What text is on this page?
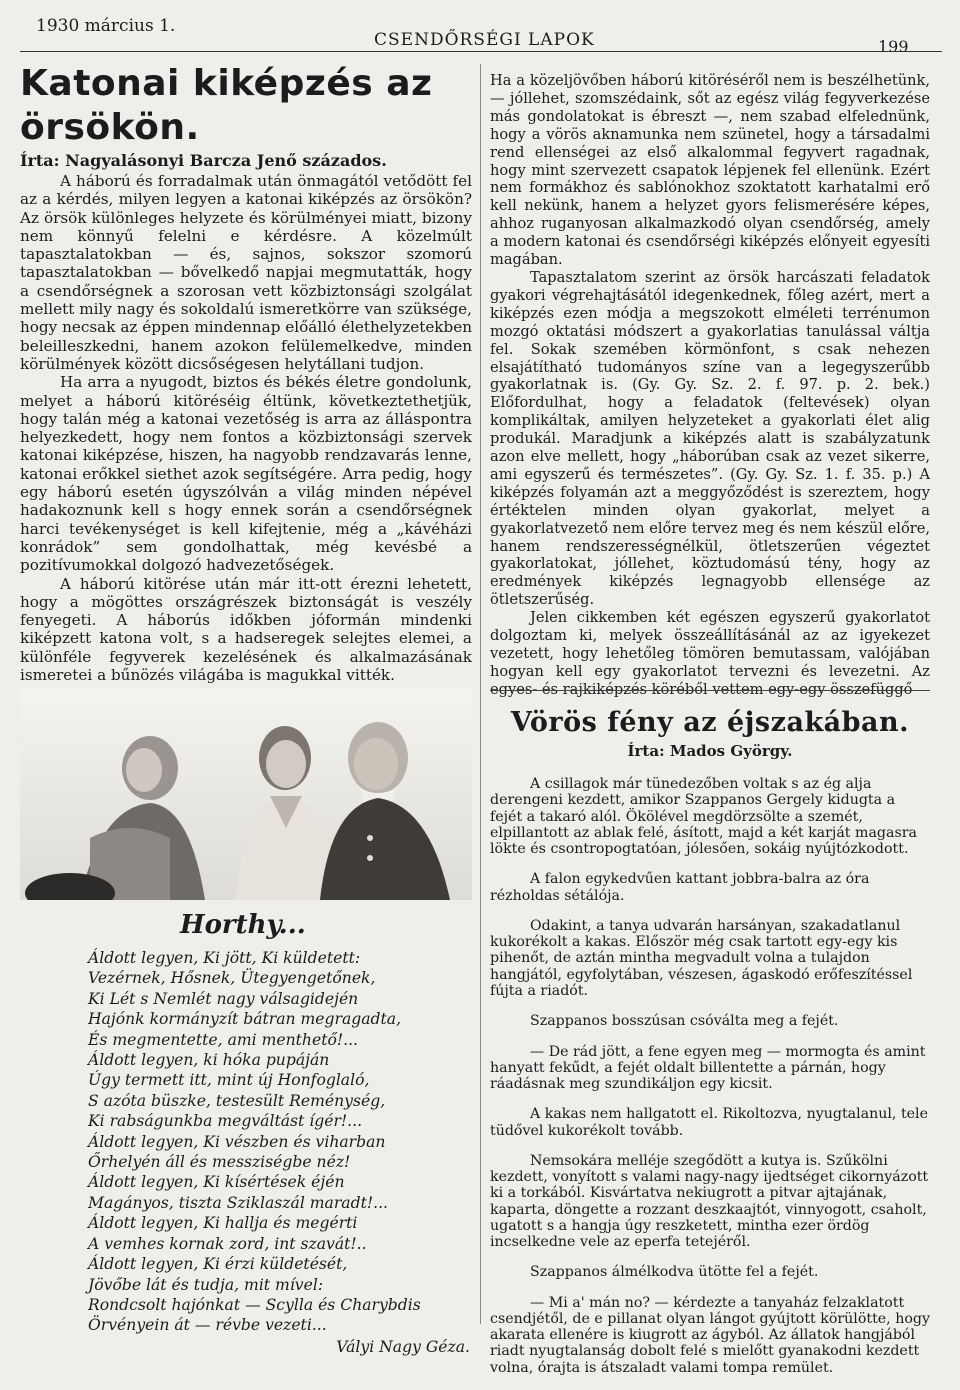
1930 március 1.
CSENDŐRSÉGI LAPOK	199
Katonai kiképzés az örsökön.

Írta: Nagyalásonyi Barcza Jenő százados.

A háború és forradalmak után önmagától vetődött fel az a kérdés, milyen legyen a katonai kiképzés az örsökön? Az örsök különleges helyzete és körülményei miatt, bizony nem könnyű felelni e kérdésre. A közelmúlt tapasztalatokban — és, sajnos, sokszor szomorú tapasztalatokban — bővelkedő napjai megmutatták, hogy a csendőrségnek a szorosan vett közbiztonsági szolgálat mellett mily nagy és sokoldalú ismeretkörre van szüksége, hogy necsak az éppen mindennap előálló élethelyzetekben beleilleszkedni, hanem azokon felülemelkedve, minden körülmények között dicsőségesen helytállani tudjon.

Ha arra a nyugodt, biztos és békés életre gondolunk, melyet a háború kitöréséig éltünk, következtethetjük, hogy talán még a katonai vezetőség is arra az álláspontra helyezkedett, hogy nem fontos a közbiztonsági szervek katonai kiképzése, hiszen, ha nagyobb rendzavarás lenne, katonai erőkkel siethet azok segítségére. Arra pedig, hogy egy háború esetén úgyszólván a világ minden népével hadakoznunk kell s hogy ennek során a csendőrségnek harci tevékenységet is kell kifejtenie, még a „kávéházi konrádok” sem gondolhattak, még kevésbé a pozitívumokkal dolgozó hadvezetőségek.

A háború kitörése után már itt-ott érezni lehetett, hogy a mögöttes országrészek biztonságát is veszély fenyegeti. A háborús időkben jóformán mindenki kiképzett katona volt, s a hadseregek selejtes elemei, a különféle fegyverek kezelésének és alkalmazásának ismeretei a bűnözés világába is magukkal vitték.

Ha a közeljövőben háború kitöréséről nem is beszélhetünk, — jóllehet, szomszédaink, sőt az egész világ fegyverkezése más gondolatokat is ébreszt —, nem szabad elfelednünk, hogy a vörös aknamunka nem szünetel, hogy a társadalmi rend ellenségei az első alkalommal fegyvert ragadnak, hogy mint szervezett csapatok lépjenek fel ellenünk. Ezért nem formákhoz és sablónokhoz szoktatott karhatalmi erő kell nekünk, hanem a helyzet gyors felismerésére képes, ahhoz ruganyosan alkalmazkodó olyan csendőrség, amely a modern katonai és csendőrségi kiképzés előnyeit egyesíti magában.

Tapasztalatom szerint az örsök harcászati feladatok gyakori végrehajtásától idegenkednek, főleg azért, mert a kiképzés ezen módja a megszokott elméleti terrénumon mozgó oktatási módszert a gyakorlatias tanulással váltja fel. Sokak szemében körmönfont, s csak nehezen elsajátítható tudományos színe van a legegyszerűbb gyakorlatnak is. (Gy. Gy. Sz. 2. f. 97. p. 2. bek.) Előfordulhat, hogy a feladatok (feltevések) olyan komplikáltak, amilyen helyzeteket a gyakorlati élet alig produkál. Maradjunk a kiképzés alatt is szabályzatunk azon elve mellett, hogy „háborúban csak az vezet sikerre, ami egyszerű és természetes”. (Gy. Gy. Sz. 1. f. 35. p.) A kiképzés folyamán azt a meggyőződést is szereztem, hogy értéktelen minden olyan gyakorlat, melyet a gyakorlatvezető nem előre tervez meg és nem készül előre, hanem rendszerességnélkül, ötletszerűen végeztet gyakorlatokat, jóllehet, köztudomású tény, hogy az eredmények kiképzés legnagyobb ellensége az ötletszerűség.

Jelen cikkemben két egészen egyszerű gyakorlatot dolgoztam ki, melyek összeállításánál az az igyekezet vezetett, hogy lehetőleg tömören bemutassam, valójában hogyan kell egy gyakorlatot tervezni és levezetni. Az egyes- és rajkiképzés köréből vettem egy-egy összefüggő

Horthy...
Áldott legyen, Ki jött, Ki küldetett:
Vezérnek, Hősnek, Ütegyengetőnek,
Ki Lét s Nemlét nagy válsagidején
Hajónk kormányzít bátran megragadta,
És megmentette, ami menthető!...
Áldott legyen, ki hóka pupáján
Úgy termett itt, mint új Honfoglaló,
S azóta büszke, testesült Reménység,
Ki rabságunkba megváltást ígér!...
Áldott legyen, Ki vészben és viharban
Őrhelyén áll és messziségbe néz!
Áldott legyen, Ki kísértések éjén
Magányos, tiszta Sziklaszál maradt!...
Áldott legyen, Ki hallja és megérti
A vemhes kornak zord, int szavát!..
Áldott legyen, Ki érzi küldetését,
Jövőbe lát és tudja, mit mível:
Rondcsolt hajónkat — Scylla és Charybdis
Örvényein át — révbe vezeti...
Vályi Nagy Géza.
Vörös fény az éjszakában.

Írta: Mados György.

A csillagok már tünedezőben voltak s az ég alja derengeni kezdett, amikor Szappanos Gergely kidugta a fejét a takaró alól. Ökölével megdörzsölte a szemét, elpillantott az ablak felé, ásított, majd a két karját magasra lökte és csontropogtatóan, jólesően, sokáig nyújtózkodott.

A falon egykedvűen kattant jobbra-balra az óra rézholdas sétálója.

Odakint, a tanya udvarán harsányan, szakadatlanul kukorékolt a kakas. Először még csak tartott egy-egy kis pihenőt, de aztán mintha megvadult volna a tulajdon hangjától, egyfolytában, vészesen, ágaskodó erőfeszítéssel fújta a riadót.

Szappanos bosszúsan csóválta meg a fejét.

— De rád jött, a fene egyen meg — mormogta és amint hanyatt fekűdt, a fejét oldalt billentette a párnán, hogy ráadásnak meg szundikáljon egy kicsit.

A kakas nem hallgatott el. Rikoltozva, nyugtalanul, tele tüdővel kukorékolt tovább.

Nemsokára melléje szegődött a kutya is. Szűkölni kezdett, vonyított s valami nagy-nagy ijedtséget cikornyázott ki a torkából. Kisvártatva nekiugrott a pitvar ajtajának, kaparta, döngette a rozzant deszkaajtót, vinnyogott, csaholt, ugatott s a hangja úgy reszketett, mintha ezer ördög incselkedne vele az eperfa tetejéről.

Szappanos álmélkodva ütötte fel a fejét.

— Mi a' mán no? — kérdezte a tanyaház felzaklatott csendjétől, de e pillanat olyan lángot gyújtott körülötte, hogy akarata ellenére is kiugrott az ágyból. Az állatok hangjából riadt nyugtalanság dobolt felé s mielőtt gyanakodni kezdett volna, órajta is átszaladt valami tompa remület.
